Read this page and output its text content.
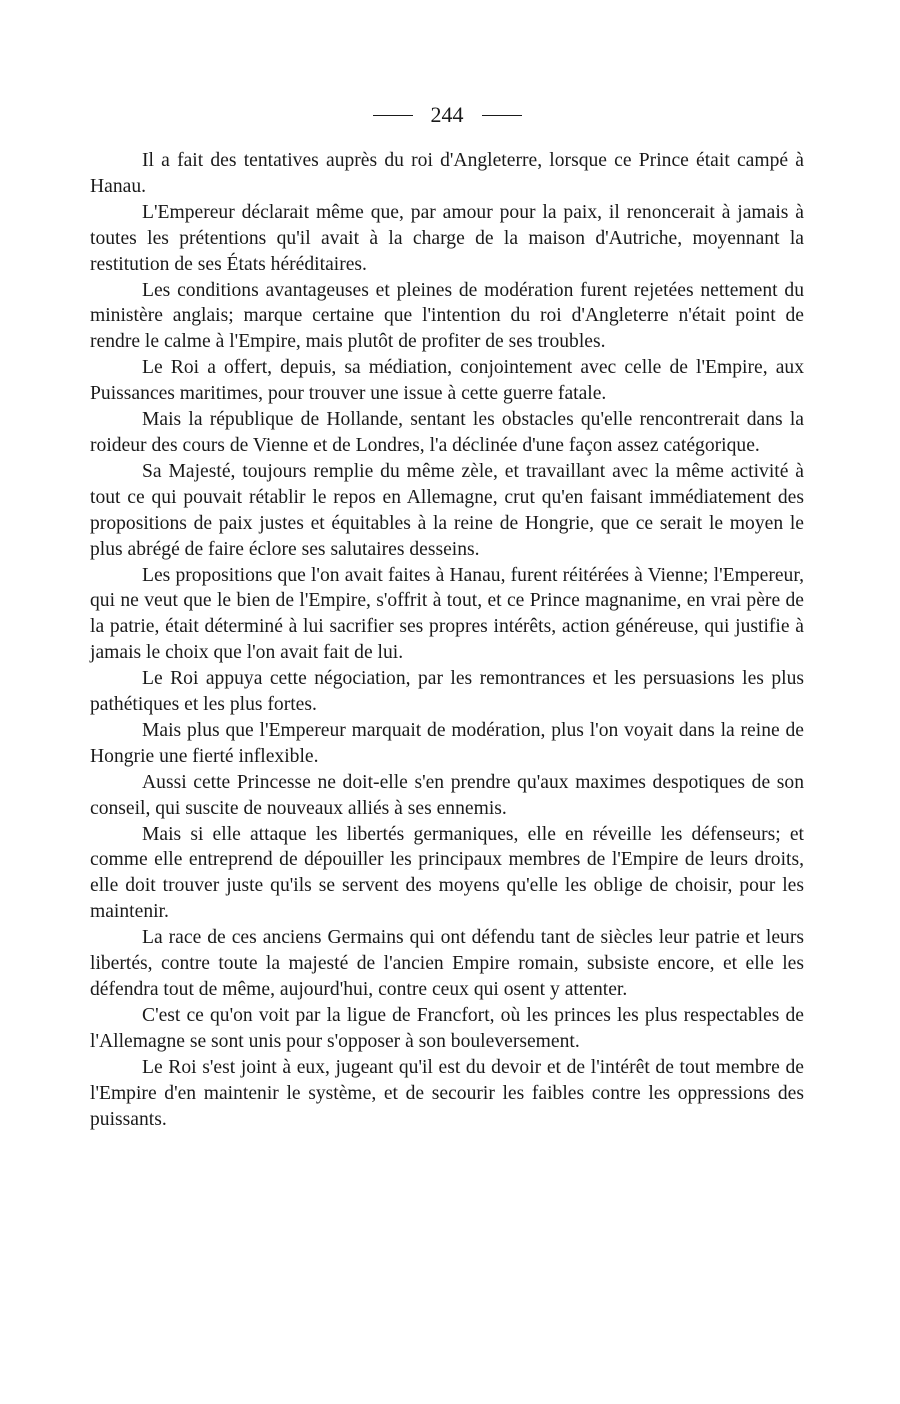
244

Il a fait des tentatives auprès du roi d'Angleterre, lorsque ce Prince était campé à Hanau.

L'Empereur déclarait même que, par amour pour la paix, il renoncerait à jamais à toutes les prétentions qu'il avait à la charge de la maison d'Autriche, moyennant la restitution de ses États héréditaires.

Les conditions avantageuses et pleines de modération furent rejetées nettement du ministère anglais; marque certaine que l'intention du roi d'Angleterre n'était point de rendre le calme à l'Empire, mais plutôt de profiter de ses troubles.

Le Roi a offert, depuis, sa médiation, conjointement avec celle de l'Empire, aux Puissances maritimes, pour trouver une issue à cette guerre fatale.

Mais la république de Hollande, sentant les obstacles qu'elle rencontrerait dans la roideur des cours de Vienne et de Londres, l'a déclinée d'une façon assez catégorique.

Sa Majesté, toujours remplie du même zèle, et travaillant avec la même activité à tout ce qui pouvait rétablir le repos en Allemagne, crut qu'en faisant immédiatement des propositions de paix justes et équitables à la reine de Hongrie, que ce serait le moyen le plus abrégé de faire éclore ses salutaires desseins.

Les propositions que l'on avait faites à Hanau, furent réitérées à Vienne; l'Empereur, qui ne veut que le bien de l'Empire, s'offrit à tout, et ce Prince magnanime, en vrai père de la patrie, était déterminé à lui sacrifier ses propres intérêts, action généreuse, qui justifie à jamais le choix que l'on avait fait de lui.

Le Roi appuya cette négociation, par les remontrances et les persuasions les plus pathétiques et les plus fortes.

Mais plus que l'Empereur marquait de modération, plus l'on voyait dans la reine de Hongrie une fierté inflexible.

Aussi cette Princesse ne doit-elle s'en prendre qu'aux maximes despotiques de son conseil, qui suscite de nouveaux alliés à ses ennemis.

Mais si elle attaque les libertés germaniques, elle en réveille les défenseurs; et comme elle entreprend de dépouiller les principaux membres de l'Empire de leurs droits, elle doit trouver juste qu'ils se servent des moyens qu'elle les oblige de choisir, pour les maintenir.

La race de ces anciens Germains qui ont défendu tant de siècles leur patrie et leurs libertés, contre toute la majesté de l'ancien Empire romain, subsiste encore, et elle les défendra tout de même, aujourd'hui, contre ceux qui osent y attenter.

C'est ce qu'on voit par la ligue de Francfort, où les princes les plus respectables de l'Allemagne se sont unis pour s'opposer à son bouleversement.

Le Roi s'est joint à eux, jugeant qu'il est du devoir et de l'intérêt de tout membre de l'Empire d'en maintenir le système, et de secourir les faibles contre les oppressions des puissants.
